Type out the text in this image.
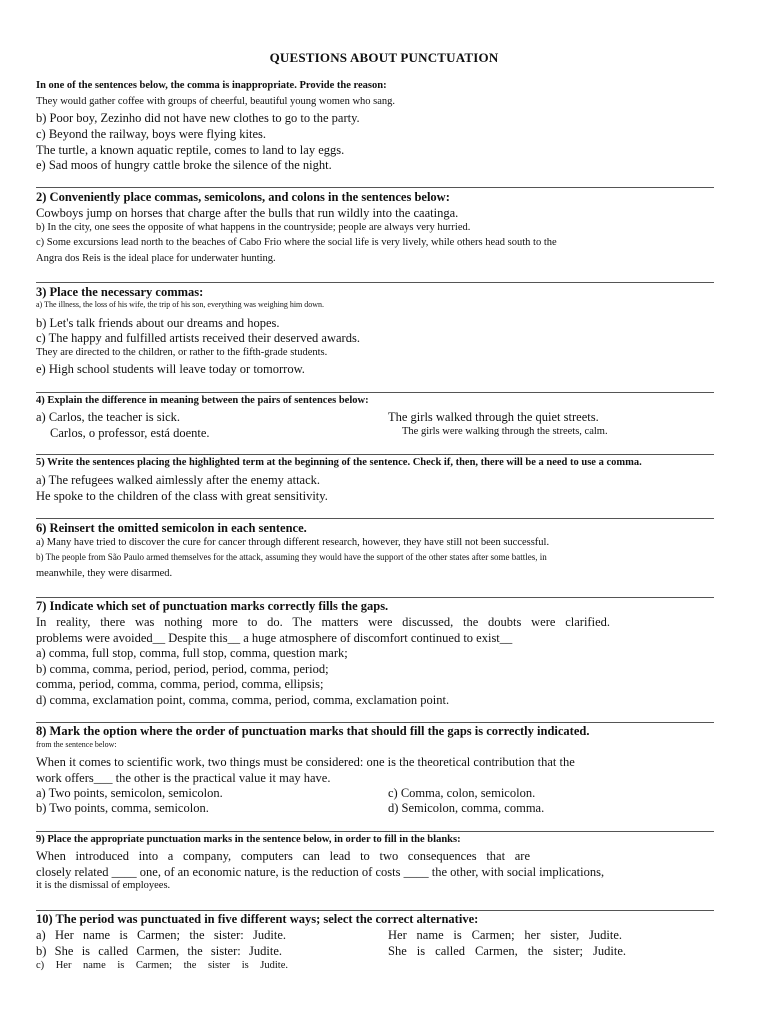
QUESTIONS ABOUT PUNCTUATION
In one of the sentences below, the comma is inappropriate. Provide the reason:
They would gather coffee with groups of cheerful, beautiful young women who sang.
b) Poor boy, Zezinho did not have new clothes to go to the party.
c) Beyond the railway, boys were flying kites.
The turtle, a known aquatic reptile, comes to land to lay eggs.
e) Sad moos of hungry cattle broke the silence of the night.
2) Conveniently place commas, semicolons, and colons in the sentences below:
Cowboys jump on horses that charge after the bulls that run wildly into the caatinga.
b) In the city, one sees the opposite of what happens in the countryside; people are always very hurried.
c) Some excursions lead north to the beaches of Cabo Frio where the social life is very lively, while others head south to the
Angra dos Reis is the ideal place for underwater hunting.
3) Place the necessary commas:
a) The illness, the loss of his wife, the trip of his son, everything was weighing him down.
b) Let's talk friends about our dreams and hopes.
c) The happy and fulfilled artists received their deserved awards.
They are directed to the children, or rather to the fifth-grade students.
e) High school students will leave today or tomorrow.
4) Explain the difference in meaning between the pairs of sentences below:
a) Carlos, the teacher is sick.
Carlos, o professor, está doente.
The girls walked through the quiet streets.
The girls were walking through the streets, calm.
5) Write the sentences placing the highlighted term at the beginning of the sentence. Check if, then, there will be a need to use a comma.
a) The refugees walked aimlessly after the enemy attack.
He spoke to the children of the class with great sensitivity.
6) Reinsert the omitted semicolon in each sentence.
a) Many have tried to discover the cure for cancer through different research, however, they have still not been successful.
b) The people from São Paulo armed themselves for the attack, assuming they would have the support of the other states after some battles, in
meanwhile, they were disarmed.
7) Indicate which set of punctuation marks correctly fills the gaps.
In reality, there was nothing more to do. The matters were discussed, the doubts were clarified.
problems were avoided__ Despite this__ a huge atmosphere of discomfort continued to exist__
a) comma, full stop, comma, full stop, comma, question mark;
b) comma, comma, period, period, period, comma, period;
comma, period, comma, comma, period, comma, ellipsis;
d) comma, exclamation point, comma, comma, period, comma, exclamation point.
8) Mark the option where the order of punctuation marks that should fill the gaps is correctly indicated.
from the sentence below:
When it comes to scientific work, two things must be considered: one is the theoretical contribution that the
work offers___ the other is the practical value it may have.
a) Two points, semicolon, semicolon.
b) Two points, comma, semicolon.
c) Comma, colon, semicolon.
d) Semicolon, comma, comma.
9) Place the appropriate punctuation marks in the sentence below, in order to fill in the blanks:
When introduced into a company, computers can lead to two consequences that are
closely related ____ one, of an economic nature, is the reduction of costs ____ the other, with social implications,
it is the dismissal of employees.
10) The period was punctuated in five different ways; select the correct alternative:
a) Her name is Carmen; the sister: Judite.
b) She is called Carmen, the sister: Judite.
c) Her name is Carmen; the sister is Judite.
Her name is Carmen; her sister, Judite.
She is called Carmen, the sister; Judite.
